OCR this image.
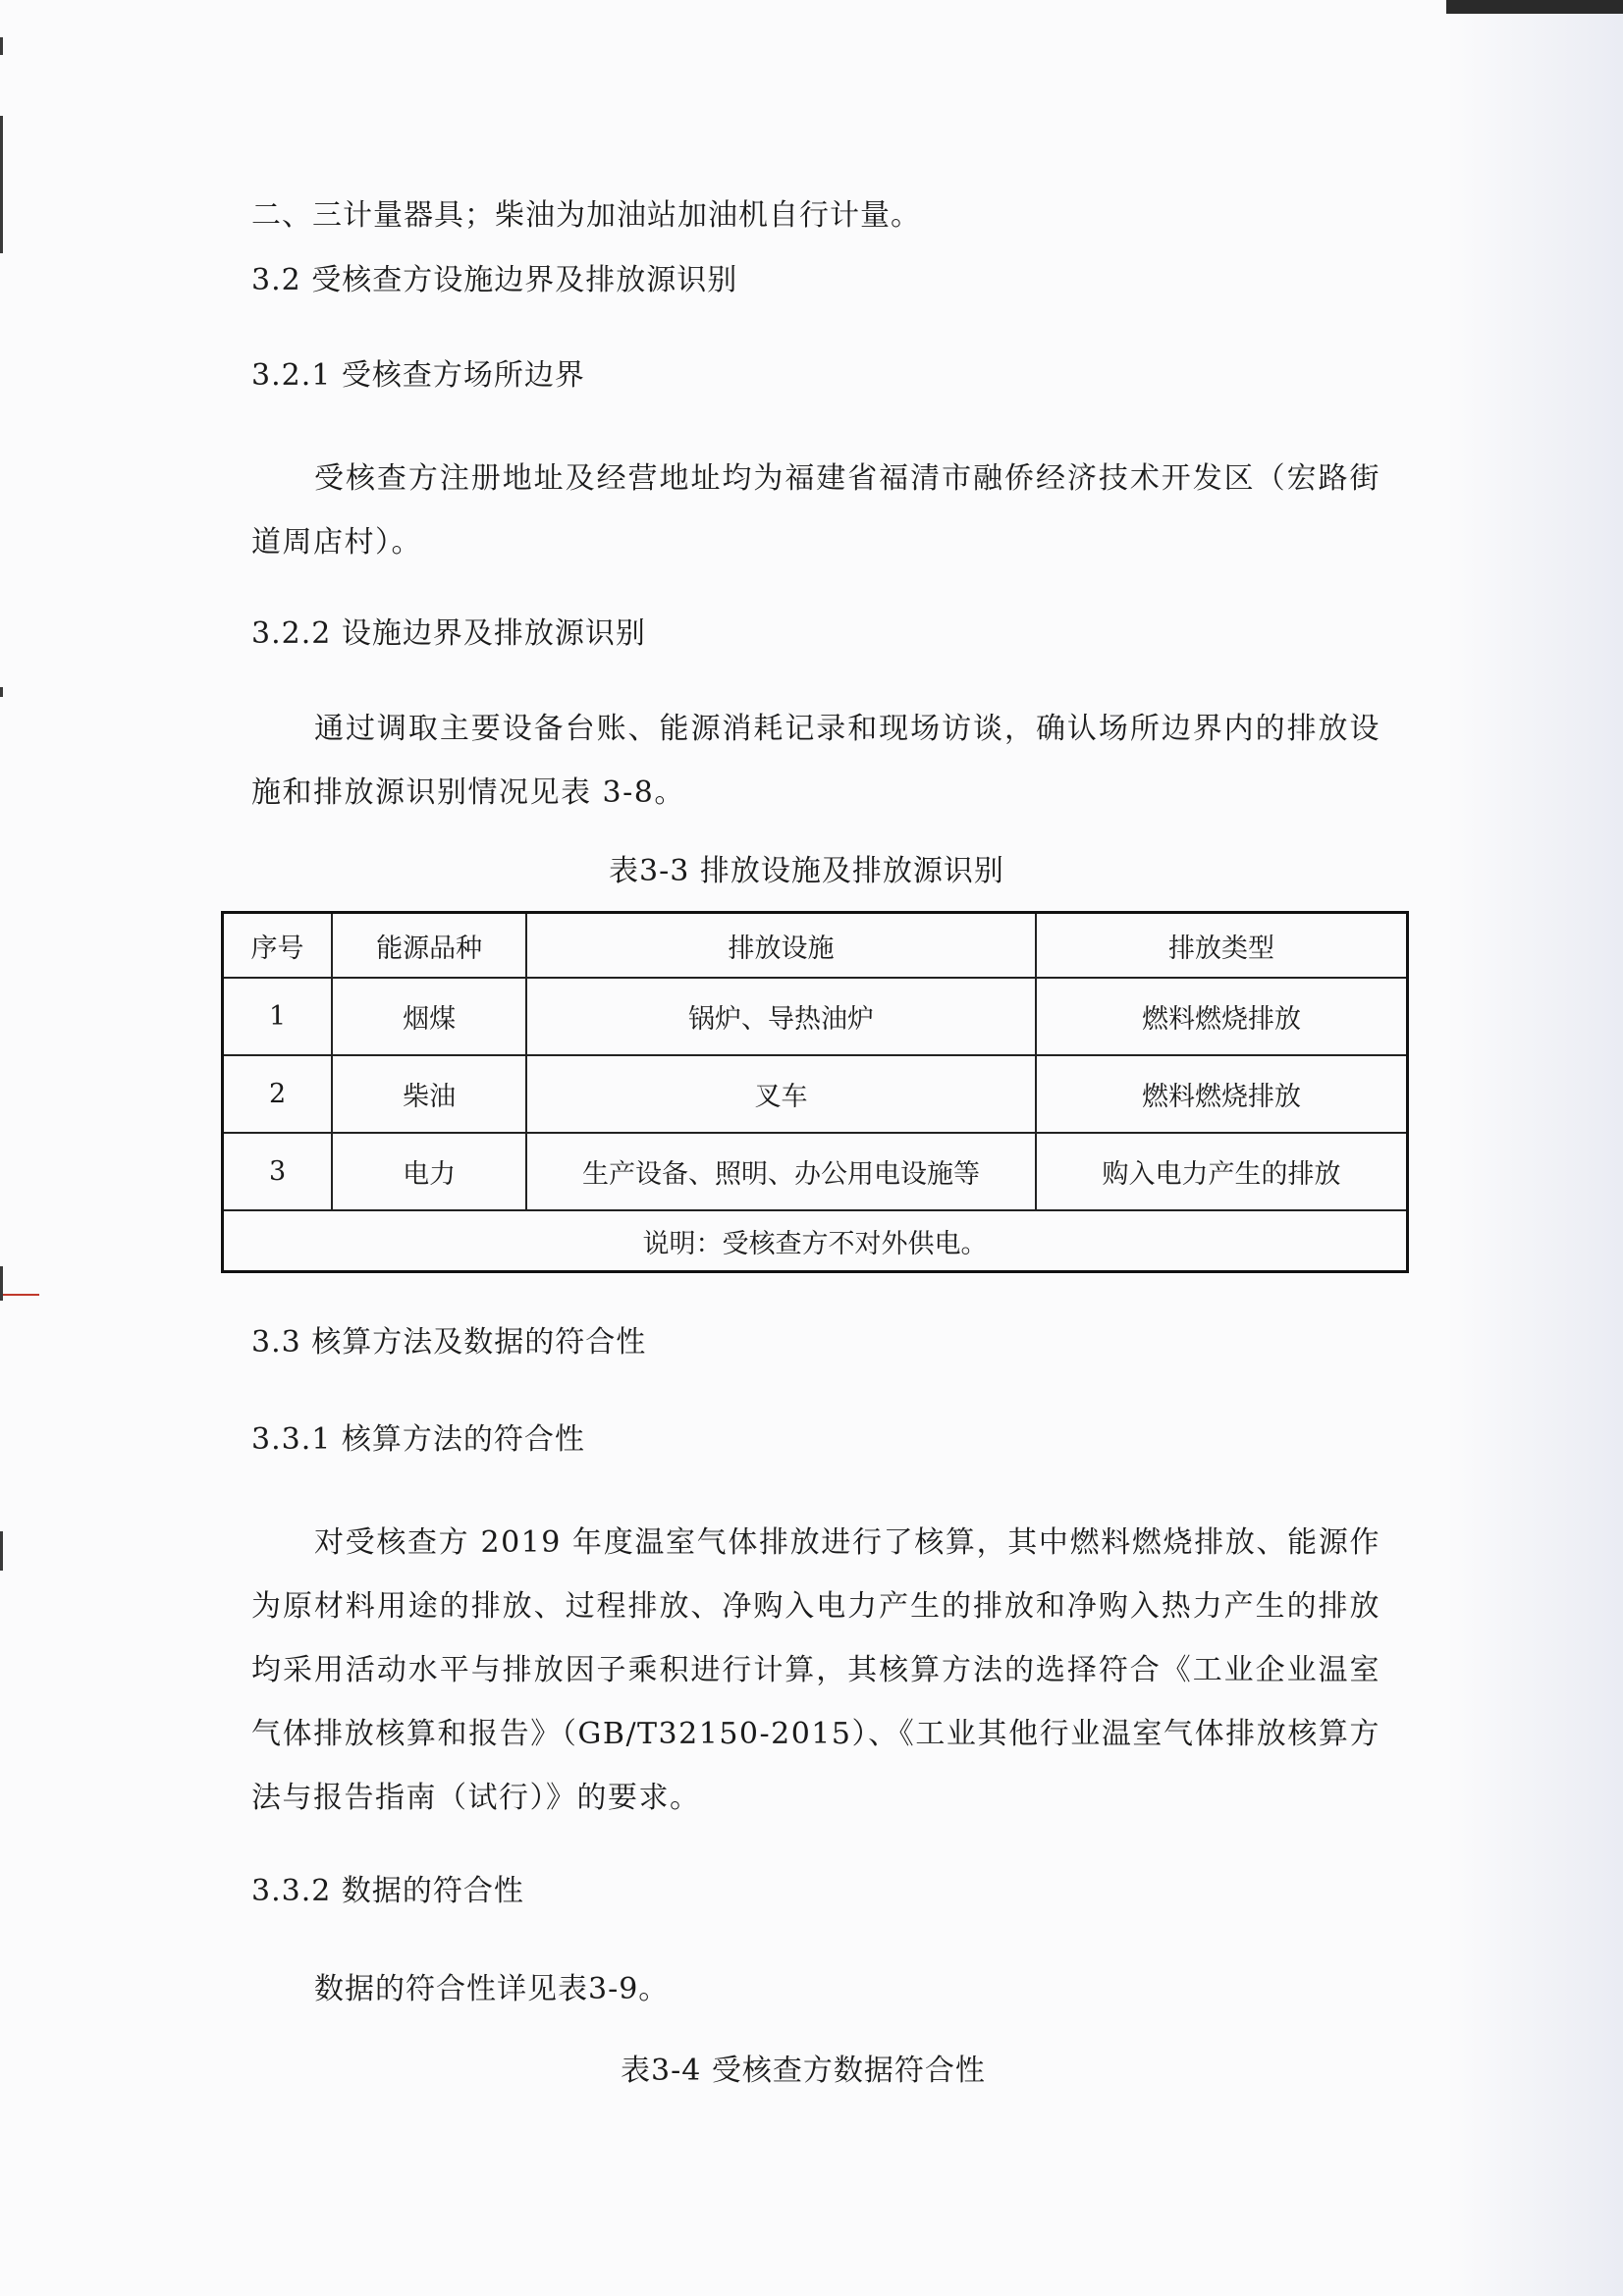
二、三计量器具；柴油为加油站加油机自行计量。
3.2 受核查方设施边界及排放源识别
3.2.1 受核查方场所边界
受核查方注册地址及经营地址均为福建省福清市融侨经济技术开发区（宏路街道周店村）。
3.2.2 设施边界及排放源识别
通过调取主要设备台账、能源消耗记录和现场访谈，确认场所边界内的排放设施和排放源识别情况见表 3-8。
表3-3 排放设施及排放源识别
序号	能源品种	排放设施	排放类型
1	烟煤	锅炉、导热油炉	燃料燃烧排放
2	柴油	叉车	燃料燃烧排放
3	电力	生产设备、照明、办公用电设施等	购入电力产生的排放
说明：受核查方不对外供电。			
3.3 核算方法及数据的符合性
3.3.1 核算方法的符合性
对受核查方 2019 年度温室气体排放进行了核算，其中燃料燃烧排放、能源作为原材料用途的排放、过程排放、净购入电力产生的排放和净购入热力产生的排放均采用活动水平与排放因子乘积进行计算，其核算方法的选择符合《工业企业温室气体排放核算和报告》（GB/T32150-2015）、《工业其他行业温室气体排放核算方法与报告指南（试行）》的要求。
3.3.2 数据的符合性
数据的符合性详见表3-9。
表3-4 受核查方数据符合性
